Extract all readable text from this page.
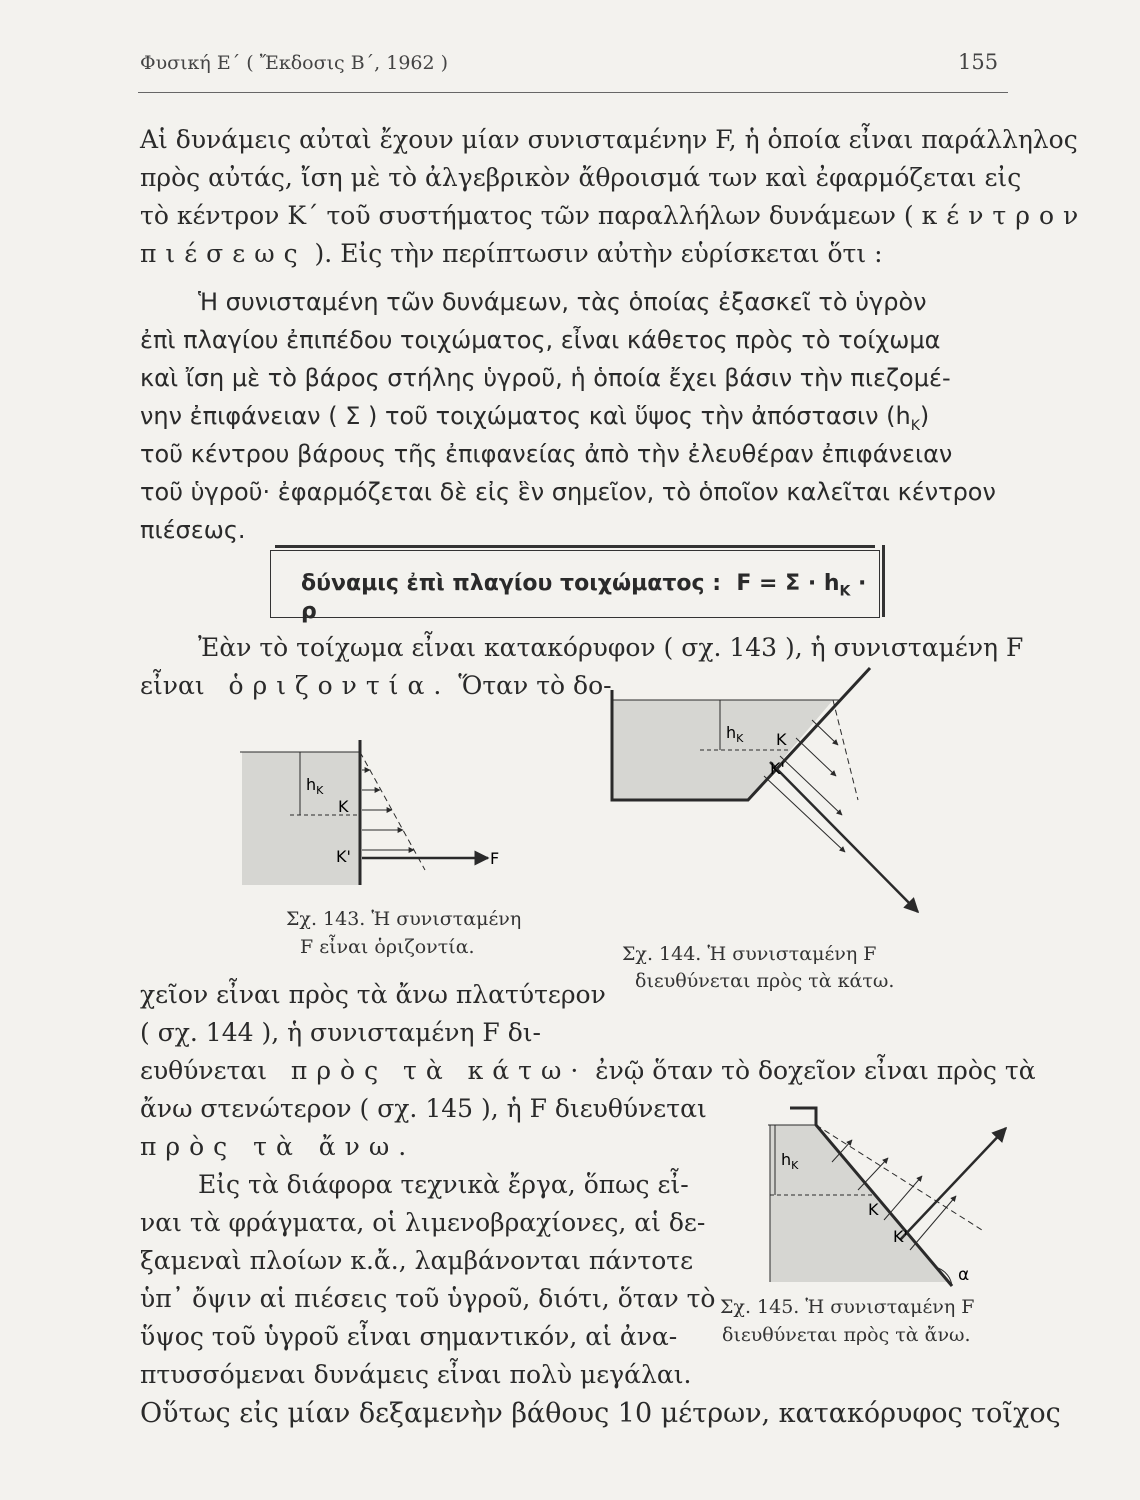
Φυσική Ε΄ ( Ἔκδοσις Β΄, 1962 )	155
Αἱ δυνάμεις αὐταὶ ἔχουν μίαν συνισταμένην F, ἡ ὁποία εἶναι παράλληλος
πρὸς αὐτάς, ἴση μὲ τὸ ἀλγεβρικὸν ἄθροισμά των καὶ ἐφαρμόζεται εἰς
τὸ κέντρον Κ΄ τοῦ συστήματος τῶν παραλλήλων δυνάμεων ( κέντρον
πιέσεως ). Εἰς τὴν περίπτωσιν αὐτὴν εὑρίσκεται ὅτι :
Ἡ συνισταμένη τῶν δυνάμεων, τὰς ὁποίας ἐξασκεῖ τὸ ὑγρὸν
ἐπὶ πλαγίου ἐπιπέδου τοιχώματος, εἶναι κάθετος πρὸς τὸ τοίχωμα
καὶ ἴση μὲ τὸ βάρος στήλης ὑγροῦ, ἡ ὁποία ἔχει βάσιν τὴν πιεζομέ-
νην ἐπιφάνειαν ( Σ ) τοῦ τοιχώματος καὶ ὕψος τὴν ἀπόστασιν $(h_K)$
τοῦ κέντρου βάρους τῆς ἐπιφανείας ἀπὸ τὴν ἐλευθέραν ἐπιφάνειαν
τοῦ ὑγροῦ· ἐφαρμόζεται δὲ εἰς ἓν σημεῖον, τὸ ὁποῖον καλεῖται κέντρον
πιέσεως.
δύναμις ἐπὶ πλαγίου τοιχώματος : $F = \Sigma \cdot h_K \cdot \rho$
Ἐὰν τὸ τοίχωμα εἶναι κατακόρυφον ( σχ. 143 ), ἡ συνισταμένη F
εἶναι ὁριζοντία. Ὅταν τὸ δο-
χεῖον εἶναι πρὸς τὰ ἄνω πλατύτερον
( σχ. 144 ), ἡ συνισταμένη F δι-
ευθύνεται πρὸς τὰ κάτω· ἐνῷ ὅταν τὸ δοχεῖον εἶναι πρὸς τὰ
ἄνω στενώτερον ( σχ. 145 ), ἡ F διευθύνεται
πρὸς τὰ ἄνω.
Εἰς τὰ διάφορα τεχνικὰ ἔργα, ὅπως εἶ-
ναι τὰ φράγματα, οἱ λιμενοβραχίονες, αἱ δε-
ξαμεναὶ πλοίων κ.ἄ., λαμβάνονται πάντοτε
ὑπ᾽ ὄψιν αἱ πιέσεις τοῦ ὑγροῦ, διότι, ὅταν τὸ
ὕψος τοῦ ὑγροῦ εἶναι σημαντικόν, αἱ ἀνα-
πτυσσόμεναι δυνάμεις εἶναι πολὺ μεγάλαι.
Οὕτως εἰς μίαν δεξαμενὴν βάθους 10 μέτρων, κατακόρυφος τοῖχος
Σχ. 143. Ἡ συνισταμένη
F εἶναι ὁριζοντία.	Σχ. 144. Ἡ συνισταμένη F
διευθύνεται πρὸς τὰ κάτω.
Σχ. 145. Ἡ συνισταμένη F
διευθύνεται πρὸς τὰ ἄνω.
$h_K$
K
K'	F
$h_K$ K
K'
$h_K$
K
K'
α
